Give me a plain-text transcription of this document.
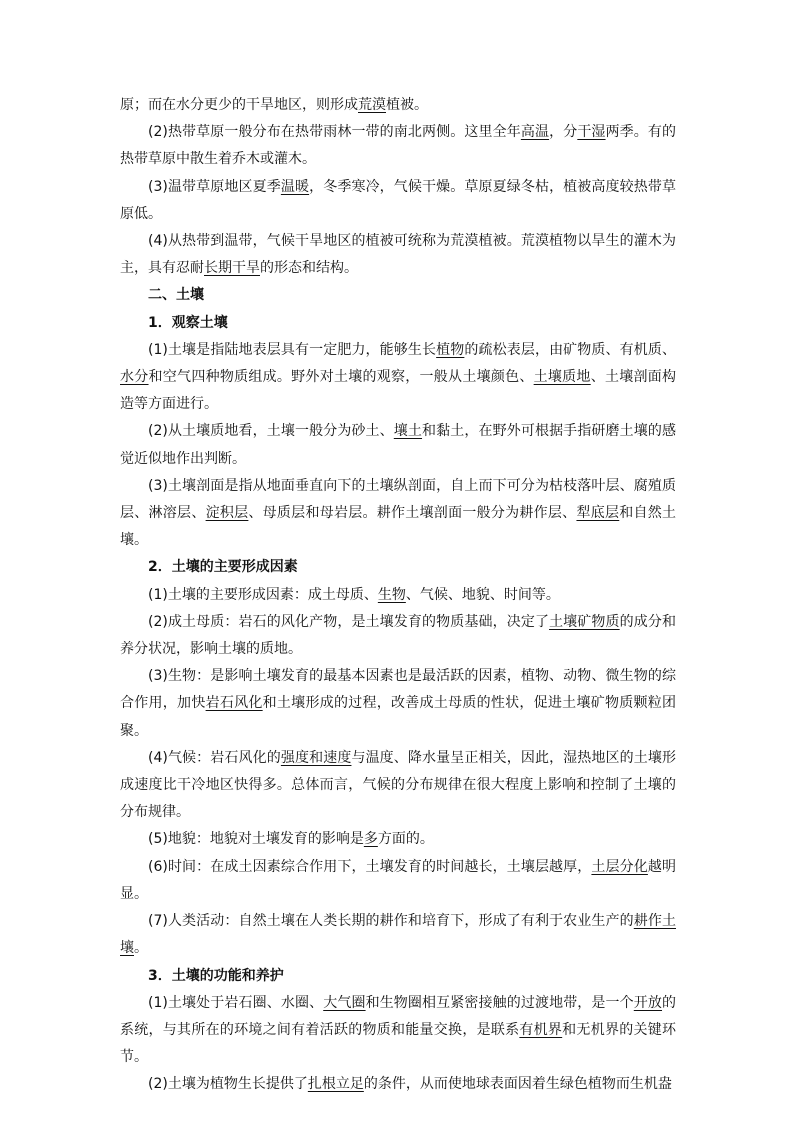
原；而在水分更少的干旱地区，则形成荒漠植被。

(2)热带草原一般分布在热带雨林一带的南北两侧。这里全年高温，分干湿两季。有的热带草原中散生着乔木或灌木。

(3)温带草原地区夏季温暖，冬季寒冷，气候干燥。草原夏绿冬枯，植被高度较热带草原低。

(4)从热带到温带，气候干旱地区的植被可统称为荒漠植被。荒漠植物以旱生的灌木为主，具有忍耐长期干旱的形态和结构。

二、土壤

1．观察土壤

(1)土壤是指陆地表层具有一定肥力，能够生长植物的疏松表层，由矿物质、有机质、水分和空气四种物质组成。野外对土壤的观察，一般从土壤颜色、土壤质地、土壤剖面构造等方面进行。

(2)从土壤质地看，土壤一般分为砂土、壤土和黏土，在野外可根据手指研磨土壤的感觉近似地作出判断。

(3)土壤剖面是指从地面垂直向下的土壤纵剖面，自上而下可分为枯枝落叶层、腐殖质层、淋溶层、淀积层、母质层和母岩层。耕作土壤剖面一般分为耕作层、犁底层和自然土壤。

2．土壤的主要形成因素

(1)土壤的主要形成因素：成土母质、生物、气候、地貌、时间等。

(2)成土母质：岩石的风化产物，是土壤发育的物质基础，决定了土壤矿物质的成分和养分状况，影响土壤的质地。

(3)生物：是影响土壤发育的最基本因素也是最活跃的因素，植物、动物、微生物的综合作用，加快岩石风化和土壤形成的过程，改善成土母质的性状，促进土壤矿物质颗粒团聚。

(4)气候：岩石风化的强度和速度与温度、降水量呈正相关，因此，湿热地区的土壤形成速度比干冷地区快得多。总体而言，气候的分布规律在很大程度上影响和控制了土壤的分布规律。

(5)地貌：地貌对土壤发育的影响是多方面的。

(6)时间：在成土因素综合作用下，土壤发育的时间越长，土壤层越厚，土层分化越明显。

(7)人类活动：自然土壤在人类长期的耕作和培育下，形成了有利于农业生产的耕作土壤。

3．土壤的功能和养护

(1)土壤处于岩石圈、水圈、大气圈和生物圈相互紧密接触的过渡地带，是一个开放的系统，与其所在的环境之间有着活跃的物质和能量交换，是联系有机界和无机界的关键环节。

(2)土壤为植物生长提供了扎根立足的条件，从而使地球表面因着生绿色植物而生机盎
